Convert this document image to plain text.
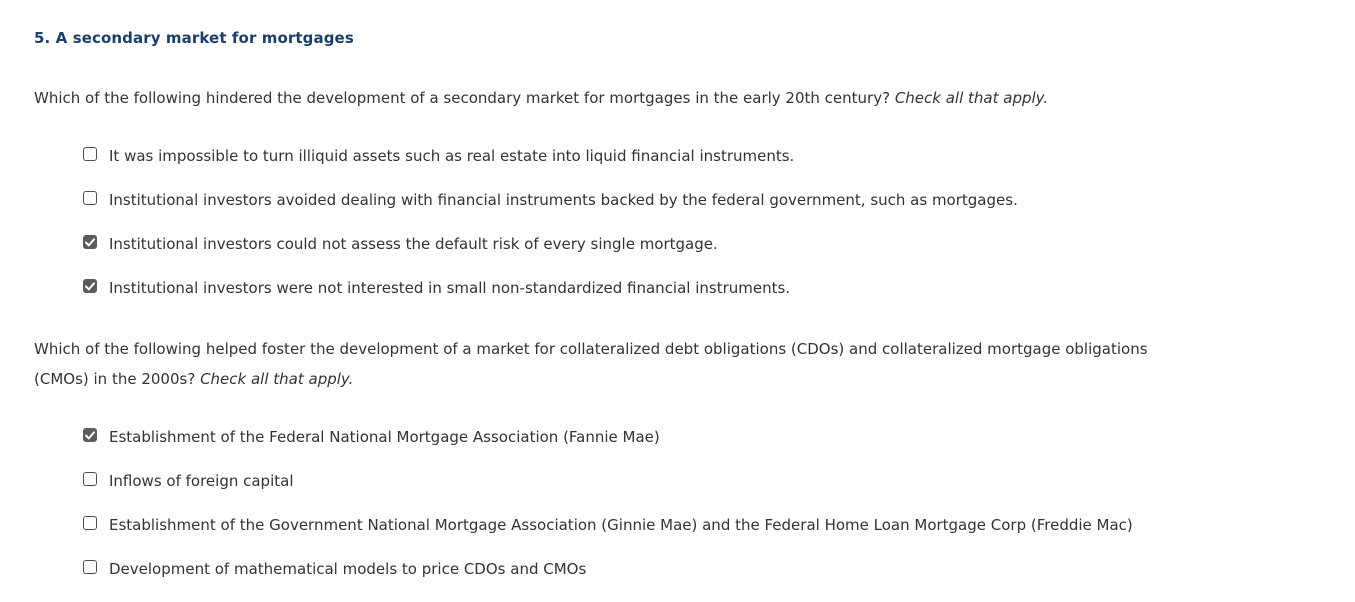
5. A secondary market for mortgages
Which of the following hindered the development of a secondary market for mortgages in the early 20th century? Check all that apply.
It was impossible to turn illiquid assets such as real estate into liquid financial instruments.
Institutional investors avoided dealing with financial instruments backed by the federal government, such as mortgages.
Institutional investors could not assess the default risk of every single mortgage.
Institutional investors were not interested in small non-standardized financial instruments.
Which of the following helped foster the development of a market for collateralized debt obligations (CDOs) and collateralized mortgage obligations (CMOs) in the 2000s? Check all that apply.
Establishment of the Federal National Mortgage Association (Fannie Mae)
Inflows of foreign capital
Establishment of the Government National Mortgage Association (Ginnie Mae) and the Federal Home Loan Mortgage Corp (Freddie Mac)
Development of mathematical models to price CDOs and CMOs
